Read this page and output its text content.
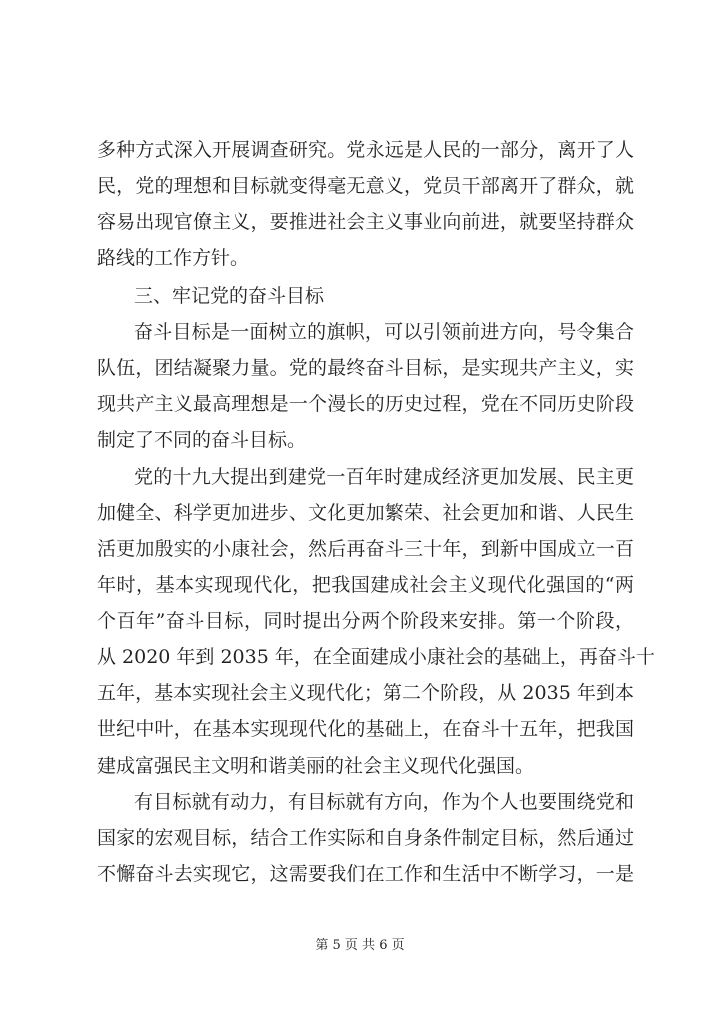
多种方式深入开展调查研究。党永远是人民的一部分，离开了人
民，党的理想和目标就变得毫无意义，党员干部离开了群众，就
容易出现官僚主义，要推进社会主义事业向前进，就要坚持群众
路线的工作方针。
三、牢记党的奋斗目标
奋斗目标是一面树立的旗帜，可以引领前进方向，号令集合
队伍，团结凝聚力量。党的最终奋斗目标，是实现共产主义，实
现共产主义最高理想是一个漫长的历史过程，党在不同历史阶段
制定了不同的奋斗目标。
党的十九大提出到建党一百年时建成经济更加发展、民主更
加健全、科学更加进步、文化更加繁荣、社会更加和谐、人民生
活更加殷实的小康社会，然后再奋斗三十年，到新中国成立一百
年时，基本实现现代化，把我国建成社会主义现代化强国的“两
个百年”奋斗目标，同时提出分两个阶段来安排。第一个阶段，
从 2020 年到 2035 年，在全面建成小康社会的基础上，再奋斗十
五年，基本实现社会主义现代化；第二个阶段，从 2035 年到本
世纪中叶，在基本实现现代化的基础上，在奋斗十五年，把我国
建成富强民主文明和谐美丽的社会主义现代化强国。
有目标就有动力，有目标就有方向，作为个人也要围绕党和
国家的宏观目标，结合工作实际和自身条件制定目标，然后通过
不懈奋斗去实现它，这需要我们在工作和生活中不断学习，一是
第 5 页 共 6 页
